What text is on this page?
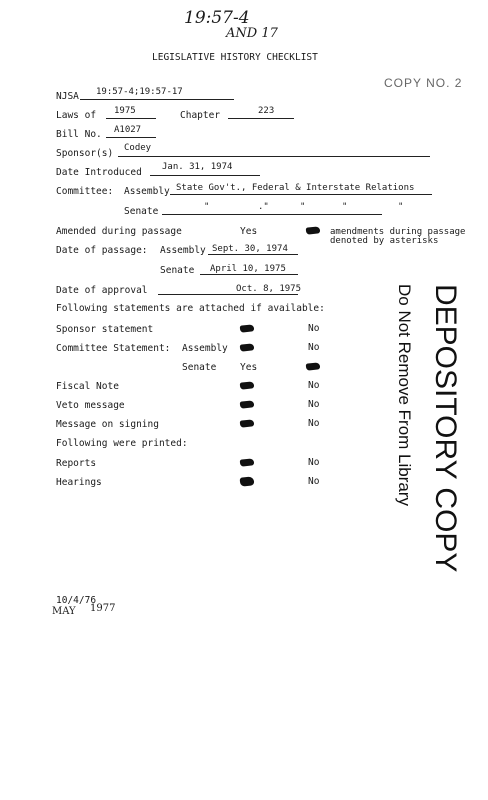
19:57-4
AND 17
LEGISLATIVE HISTORY CHECKLIST
COPY NO. 2
NJSA 19:57-4;19:57-17
Laws of 1975	Chapter	223
Bill No. A1027
Sponsor(s) Codey
Date Introduced Jan. 31, 1974
Committee: Assembly State Gov't., Federal & Interstate Relations
Senate	"	."	"	"	"
Amended during passage	Yes	amendments during passage
denoted by asterisks
Date of passage: Assembly Sept. 30, 1974
Senate April 10, 1975
Date of approval	Oct. 8, 1975
Following statements are attached if available:
Sponsor statement	No
Committee Statement: Assembly	No
Senate Yes
Fiscal Note	No
Veto message	No
Message on signing	No
Following were printed:
Reports	No
Hearings	No	DEPOSITORY COPY
Do Not Remove From Library
10/4/76
MAY 1977
